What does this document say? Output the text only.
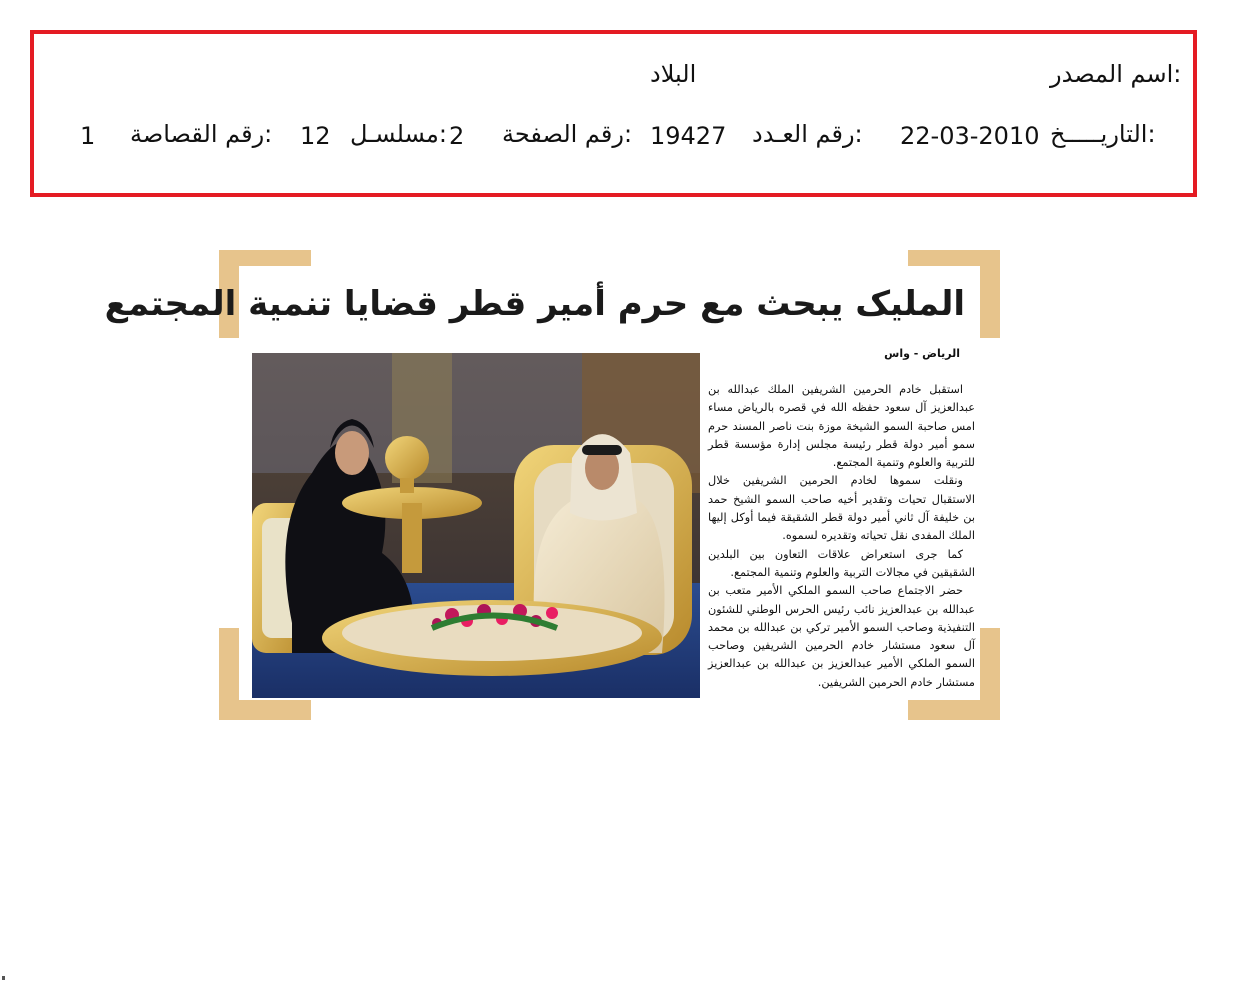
اسم المصدر:
البلاد
التاريـــــخ:
22-03-2010
رقم العـدد:
19427
رقم الصفحة:
2
مسلسـل:
12
رقم القصاصة:
1
المليک يبحث مع حرم أمير قطر قضايا تنمية المجتمع
الرياض - واس

استقبل خادم الحرمين الشريفين الملك عبدالله بن عبدالعزيز آل سعود حفظه الله في قصره بالرياض مساء امس صاحبة السمو الشيخة موزة بنت ناصر المسند حرم سمو أمير دولة قطر رئيسة مجلس إدارة مؤسسة قطر للتربية والعلوم وتنمية المجتمع.

ونقلت سموها لخادم الحرمين الشريفين خلال الاستقبال تحيات وتقدير أخيه صاحب السمو الشيخ حمد بن خليفة آل ثاني أمير دولة قطر الشقيقة فيما أوكل إليها الملك المفدى نقل تحياته وتقديره لسموه.

كما جرى استعراض علاقات التعاون بين البلدين الشقيقين في مجالات التربية والعلوم وتنمية المجتمع.

حضر الاجتماع صاحب السمو الملكي الأمير متعب بن عبدالله بن عبدالعزيز نائب رئيس الحرس الوطني للشئون التنفيذية وصاحب السمو الأمير تركي بن عبدالله بن محمد آل سعود مستشار خادم الحرمين الشريفين وصاحب السمو الملكي الأمير عبدالعزيز بن عبدالله بن عبدالعزيز مستشار خادم الحرمين الشريفين.
